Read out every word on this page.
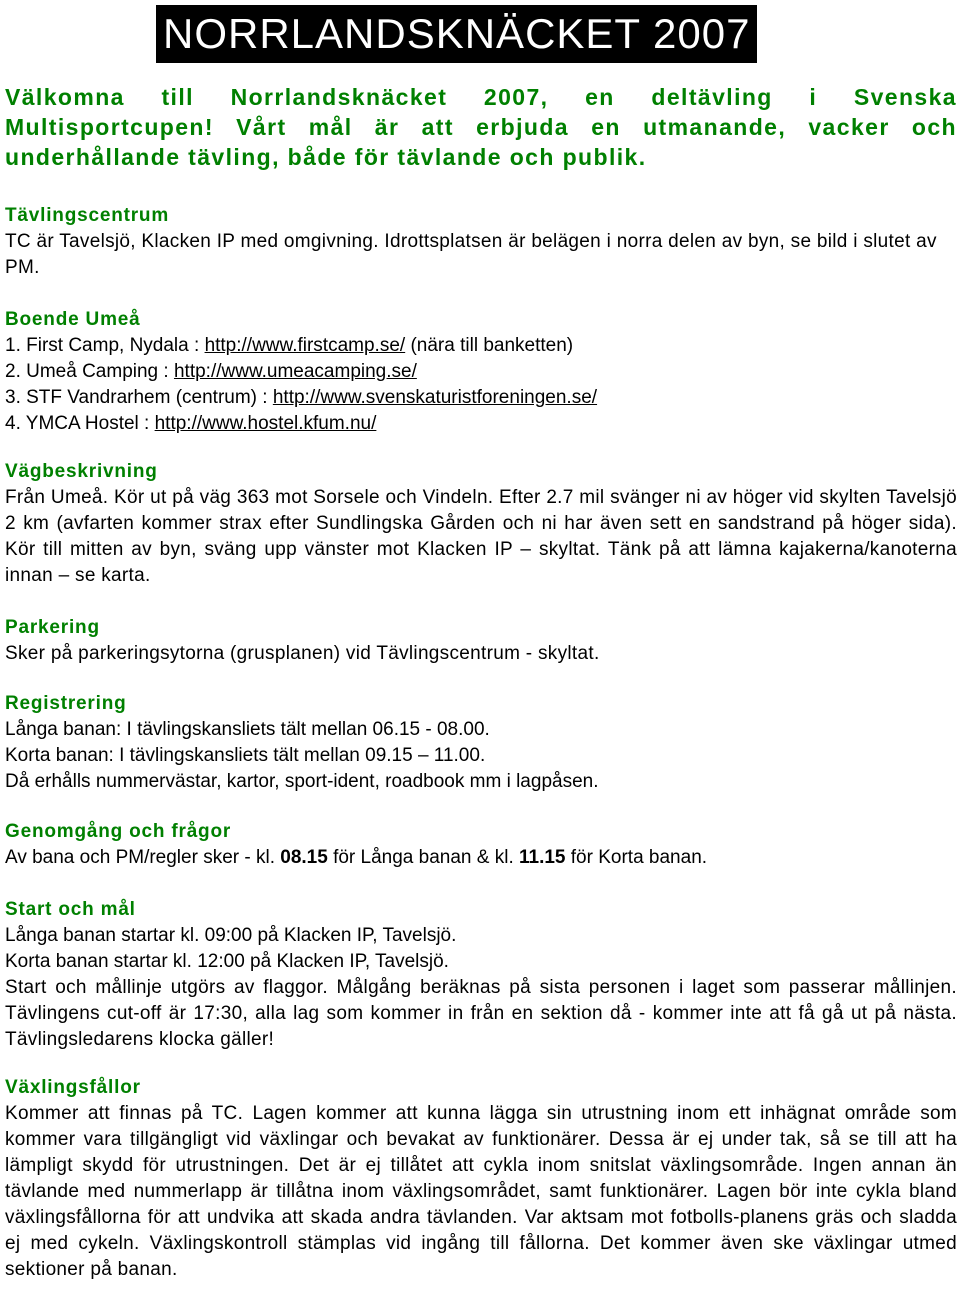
NORRLANDSKNÄCKET 2007
Välkomna till Norrlandsknäcket 2007, en deltävling i Svenska Multisportcupen! Vårt mål är att erbjuda en utmanande, vacker och underhållande tävling, både för tävlande och publik.
Tävlingscentrum
TC är Tavelsjö, Klacken IP med omgivning. Idrottsplatsen är belägen i norra delen av byn, se bild i slutet av PM.
Boende Umeå
1. First Camp, Nydala : http://www.firstcamp.se/ (nära till banketten)
2. Umeå Camping : http://www.umeacamping.se/
3. STF Vandrarhem (centrum) : http://www.svenskaturistforeningen.se/
4. YMCA Hostel : http://www.hostel.kfum.nu/
Vägbeskrivning
Från Umeå. Kör ut på väg 363 mot Sorsele och Vindeln. Efter 2.7 mil svänger ni av höger vid skylten Tavelsjö 2 km (avfarten kommer strax efter Sundlingska Gården och ni har även sett en sandstrand på höger sida). Kör till mitten av byn, sväng upp vänster mot Klacken IP – skyltat. Tänk på att lämna kajakerna/kanoterna innan – se karta.
Parkering
Sker på parkeringsytorna (grusplanen) vid Tävlingscentrum - skyltat.
Registrering
Långa banan: I tävlingskansliets tält mellan 06.15 - 08.00.
Korta banan: I tävlingskansliets tält mellan 09.15 – 11.00.
Då erhålls nummervästar, kartor, sport-ident, roadbook mm i lagpåsen.
Genomgång och frågor
Av bana och PM/regler sker - kl. 08.15 för Långa banan & kl. 11.15 för Korta banan.
Start och mål
Långa banan startar kl. 09:00 på Klacken IP, Tavelsjö.
Korta banan startar kl. 12:00 på Klacken IP, Tavelsjö.
Start och mållinje utgörs av flaggor. Målgång beräknas på sista personen i laget som passerar mållinjen. Tävlingens cut-off är 17:30, alla lag som kommer in från en sektion då - kommer inte att få gå ut på nästa. Tävlingsledarens klocka gäller!
Växlingsfållor
Kommer att finnas på TC. Lagen kommer att kunna lägga sin utrustning inom ett inhägnat område som kommer vara tillgängligt vid växlingar och bevakat av funktionärer. Dessa är ej under tak, så se till att ha lämpligt skydd för utrustningen. Det är ej tillåtet att cykla inom snitslat växlingsområde. Ingen annan än tävlande med nummerlapp är tillåtna inom växlingsområdet, samt funktionärer. Lagen bör inte cykla bland växlingsfållorna för att undvika att skada andra tävlanden. Var aktsam mot fotbolls-planens gräs och sladda ej med cykeln. Växlingskontroll stämplas vid ingång till fållorna. Det kommer även ske växlingar utmed sektioner på banan.
